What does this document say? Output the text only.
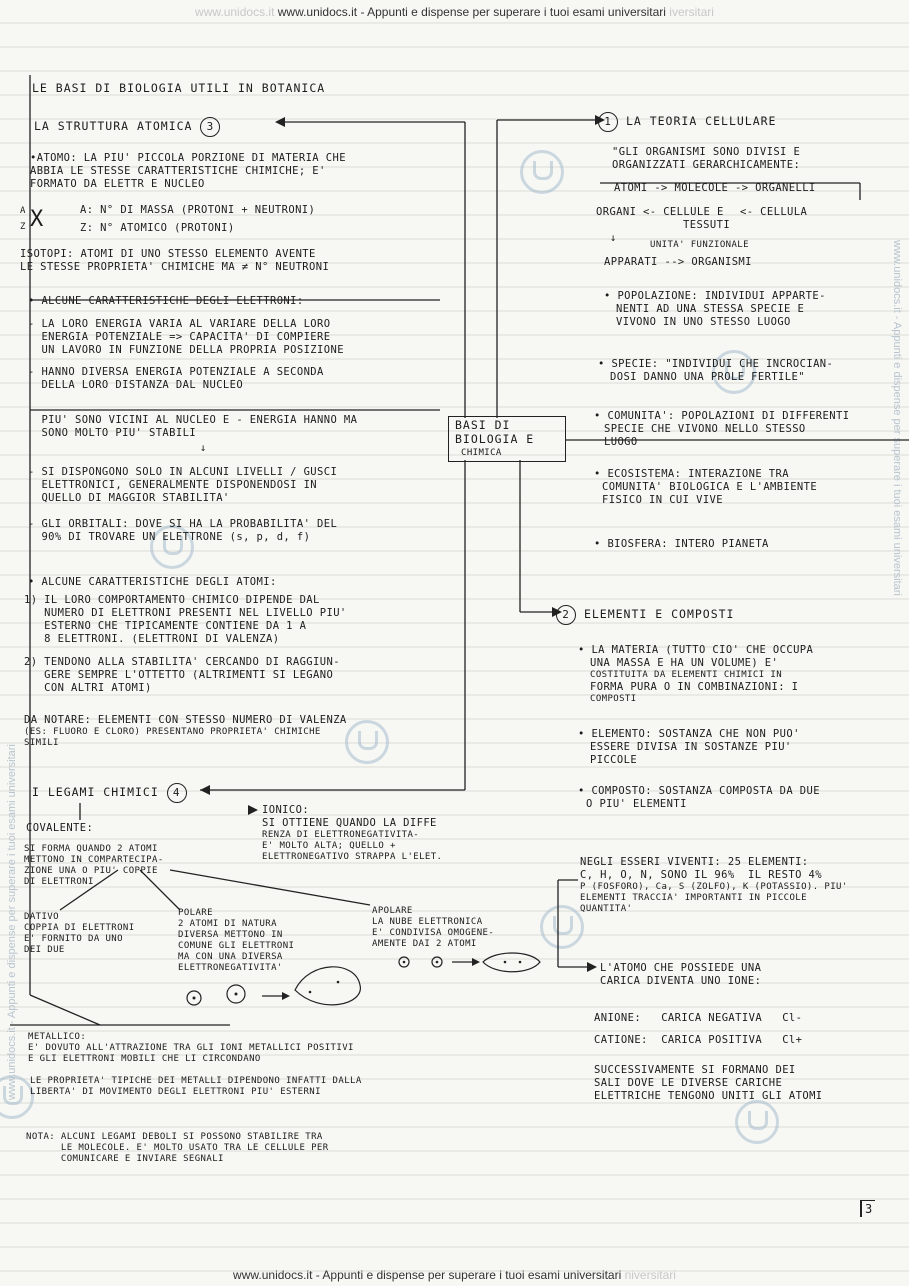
www.unidocs.it www.unidocs.it - Appunti e dispense per superare i tuoi esami universitari iversitari
www.unidocs.it - Appunti e dispense per superare i tuoi esami universitari niversitari
www.unidocs.it - Appunti e dispense per superare i tuoi esami universitari
www.unidocs.it - Appunti e dispense per superare i tuoi esami universitari
LE BASI DI BIOLOGIA UTILI IN BOTANICA
BASI DI
BIOLOGIA E
CHIMICA
LA STRUTTURA ATOMICA 3
•ATOMO: LA PIU' PICCOLA PORZIONE DI MATERIA CHE
ABBIA LE STESSE CARATTERISTICHE CHIMICHE; E'
FORMATO DA ELETTR E NUCLEO
A
Z X	A: N° DI MASSA (PROTONI + NEUTRONI)
Z: N° ATOMICO (PROTONI)
ISOTOPI: ATOMI DI UNO STESSO ELEMENTO AVENTE
LE STESSE PROPRIETA' CHIMICHE MA ≠ N° NEUTRONI
• ALCUNE CARATTERISTICHE DEGLI ELETTRONI:
- LA LORO ENERGIA VARIA AL VARIARE DELLA LORO
ENERGIA POTENZIALE => CAPACITA' DI COMPIERE
UN LAVORO IN FUNZIONE DELLA PROPRIA POSIZIONE
- HANNO DIVERSA ENERGIA POTENZIALE A SECONDA
DELLA LORO DISTANZA DAL NUCLEO
PIU' SONO VICINI AL NUCLEO E - ENERGIA HANNO MA
SONO MOLTO PIU' STABILI
↓
- SI DISPONGONO SOLO IN ALCUNI LIVELLI / GUSCI
ELETTRONICI, GENERALMENTE DISPONENDOSI IN
QUELLO DI MAGGIOR STABILITA'
- GLI ORBITALI: DOVE SI HA LA PROBABILITA' DEL
90% DI TROVARE UN ELETTRONE (s, p, d, f)
• ALCUNE CARATTERISTICHE DEGLI ATOMI:
1) IL LORO COMPORTAMENTO CHIMICO DIPENDE DAL
NUMERO DI ELETTRONI PRESENTI NEL LIVELLO PIU'
ESTERNO CHE TIPICAMENTE CONTIENE DA 1 A
8 ELETTRONI. (ELETTRONI DI VALENZA)
2) TENDONO ALLA STABILITA' CERCANDO DI RAGGIUN-
GERE SEMPRE L'OTTETTO (ALTRIMENTI SI LEGANO
CON ALTRI ATOMI)
DA NOTARE: ELEMENTI CON STESSO NUMERO DI VALENZA
(ES: FLUORO E CLORO) PRESENTANO PROPRIETA' CHIMICHE
SIMILI
I LEGAMI CHIMICI 4
IONICO:
SI OTTIENE QUANDO LA DIFFE
RENZA DI ELETTRONEGATIVITA-
E' MOLTO ALTA; QUELLO +
ELETTRONEGATIVO STRAPPA L'ELET.
COVALENTE:
SI FORMA QUANDO 2 ATOMI
METTONO IN COMPARTECIPA-
ZIONE UNA O PIU' COPPIE
DI ELETTRONI
DATIVO
COPPIA DI ELETTRONI
E' FORNITO DA UNO
DEI DUE
POLARE
2 ATOMI DI NATURA
DIVERSA METTONO IN
COMUNE GLI ELETTRONI
MA CON UNA DIVERSA
ELETTRONEGATIVITA'
APOLARE
LA NUBE ELETTRONICA
E' CONDIVISA OMOGENE-
AMENTE DAI 2 ATOMI
METALLICO:
E' DOVUTO ALL'ATTRAZIONE TRA GLI IONI METALLICI POSITIVI
E GLI ELETTRONI MOBILI CHE LI CIRCONDANO
LE PROPRIETA' TIPICHE DEI METALLI DIPENDONO INFATTI DALLA
LIBERTA' DI MOVIMENTO DEGLI ELETTRONI PIU' ESTERNI
NOTA: ALCUNI LEGAMI DEBOLI SI POSSONO STABILIRE TRA
LE MOLECOLE. E' MOLTO USATO TRA LE CELLULE PER
COMUNICARE E INVIARE SEGNALI
1 LA TEORIA CELLULARE
"GLI ORGANISMI SONO DIVISI E
ORGANIZZATI GERARCHICAMENTE:
ATOMI -> MOLECOLE -> ORGANELLI
ORGANI <- CELLULE E <- CELLULA
TESSUTI
UNITA' FUNZIONALE
↓
APPARATI --> ORGANISMI
• POPOLAZIONE: INDIVIDUI APPARTE-
NENTI AD UNA STESSA SPECIE E
VIVONO IN UNO STESSO LUOGO
• SPECIE: "INDIVIDUI CHE INCROCIAN-
DOSI DANNO UNA PROLE FERTILE"
• COMUNITA': POPOLAZIONI DI DIFFERENTI
SPECIE CHE VIVONO NELLO STESSO
LUOGO
• ECOSISTEMA: INTERAZIONE TRA
COMUNITA' BIOLOGICA E L'AMBIENTE
FISICO IN CUI VIVE
• BIOSFERA: INTERO PIANETA
2 ELEMENTI E COMPOSTI
• LA MATERIA (TUTTO CIO' CHE OCCUPA
UNA MASSA E HA UN VOLUME) E'
COSTITUITA DA ELEMENTI CHIMICI IN
FORMA PURA O IN COMBINAZIONI: I
COMPOSTI
• ELEMENTO: SOSTANZA CHE NON PUO'
ESSERE DIVISA IN SOSTANZE PIU'
PICCOLE
• COMPOSTO: SOSTANZA COMPOSTA DA DUE
O PIU' ELEMENTI
NEGLI ESSERI VIVENTI: 25 ELEMENTI:
C, H, O, N, SONO IL 96%  IL RESTO 4%
P (FOSFORO), Ca, S (ZOLFO), K (POTASSIO). PIU'
ELEMENTI TRACCIA' IMPORTANTI IN PICCOLE
QUANTITA'
L'ATOMO CHE POSSIEDE UNA
CARICA DIVENTA UNO IONE:
ANIONE:   CARICA NEGATIVA   Cl-
CATIONE:  CARICA POSITIVA   Cl+
SUCCESSIVAMENTE SI FORMANO DEI
SALI DOVE LE DIVERSE CARICHE
ELETTRICHE TENGONO UNITI GLI ATOMI
3
